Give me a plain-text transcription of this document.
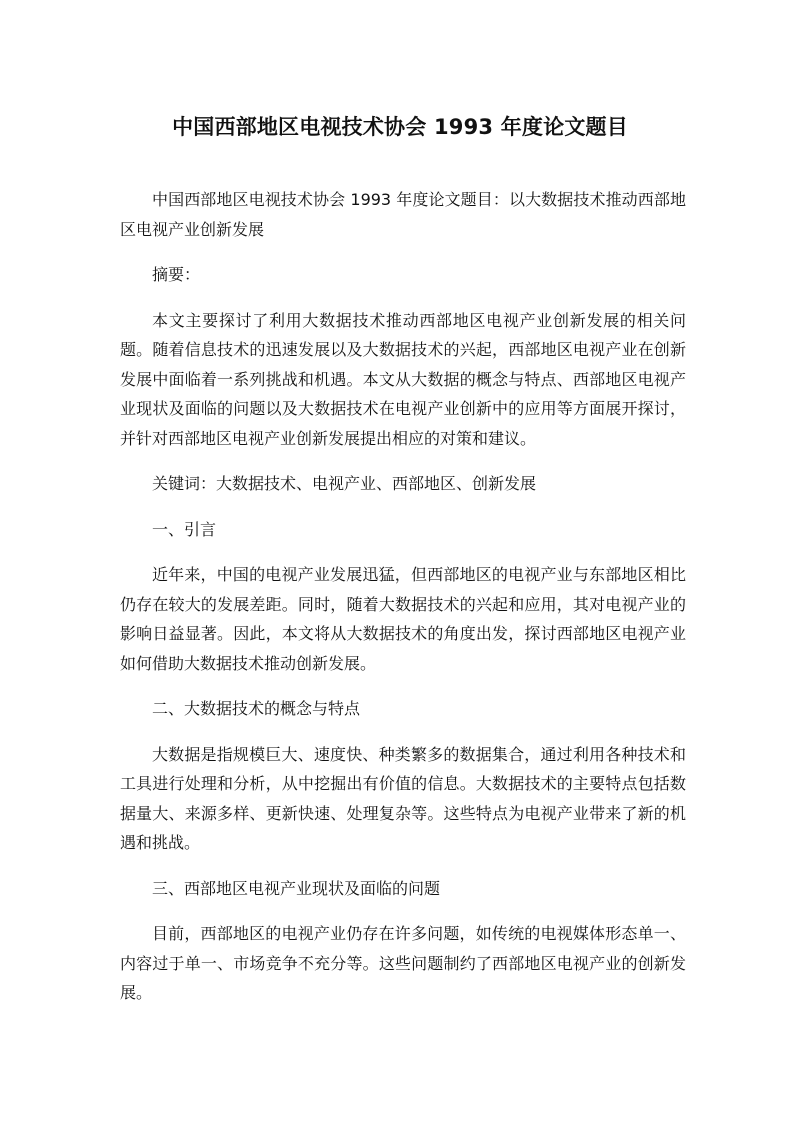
中国西部地区电视技术协会 1993 年度论文题目

中国西部地区电视技术协会 1993 年度论文题目：以大数据技术推动西部地区电视产业创新发展

摘要：

本文主要探讨了利用大数据技术推动西部地区电视产业创新发展的相关问题。随着信息技术的迅速发展以及大数据技术的兴起，西部地区电视产业在创新发展中面临着一系列挑战和机遇。本文从大数据的概念与特点、西部地区电视产业现状及面临的问题以及大数据技术在电视产业创新中的应用等方面展开探讨，并针对西部地区电视产业创新发展提出相应的对策和建议。

关键词：大数据技术、电视产业、西部地区、创新发展

一、引言

近年来，中国的电视产业发展迅猛，但西部地区的电视产业与东部地区相比仍存在较大的发展差距。同时，随着大数据技术的兴起和应用，其对电视产业的影响日益显著。因此，本文将从大数据技术的角度出发，探讨西部地区电视产业如何借助大数据技术推动创新发展。

二、大数据技术的概念与特点

大数据是指规模巨大、速度快、种类繁多的数据集合，通过利用各种技术和工具进行处理和分析，从中挖掘出有价值的信息。大数据技术的主要特点包括数据量大、来源多样、更新快速、处理复杂等。这些特点为电视产业带来了新的机遇和挑战。

三、西部地区电视产业现状及面临的问题

目前，西部地区的电视产业仍存在许多问题，如传统的电视媒体形态单一、内容过于单一、市场竞争不充分等。这些问题制约了西部地区电视产业的创新发展。
